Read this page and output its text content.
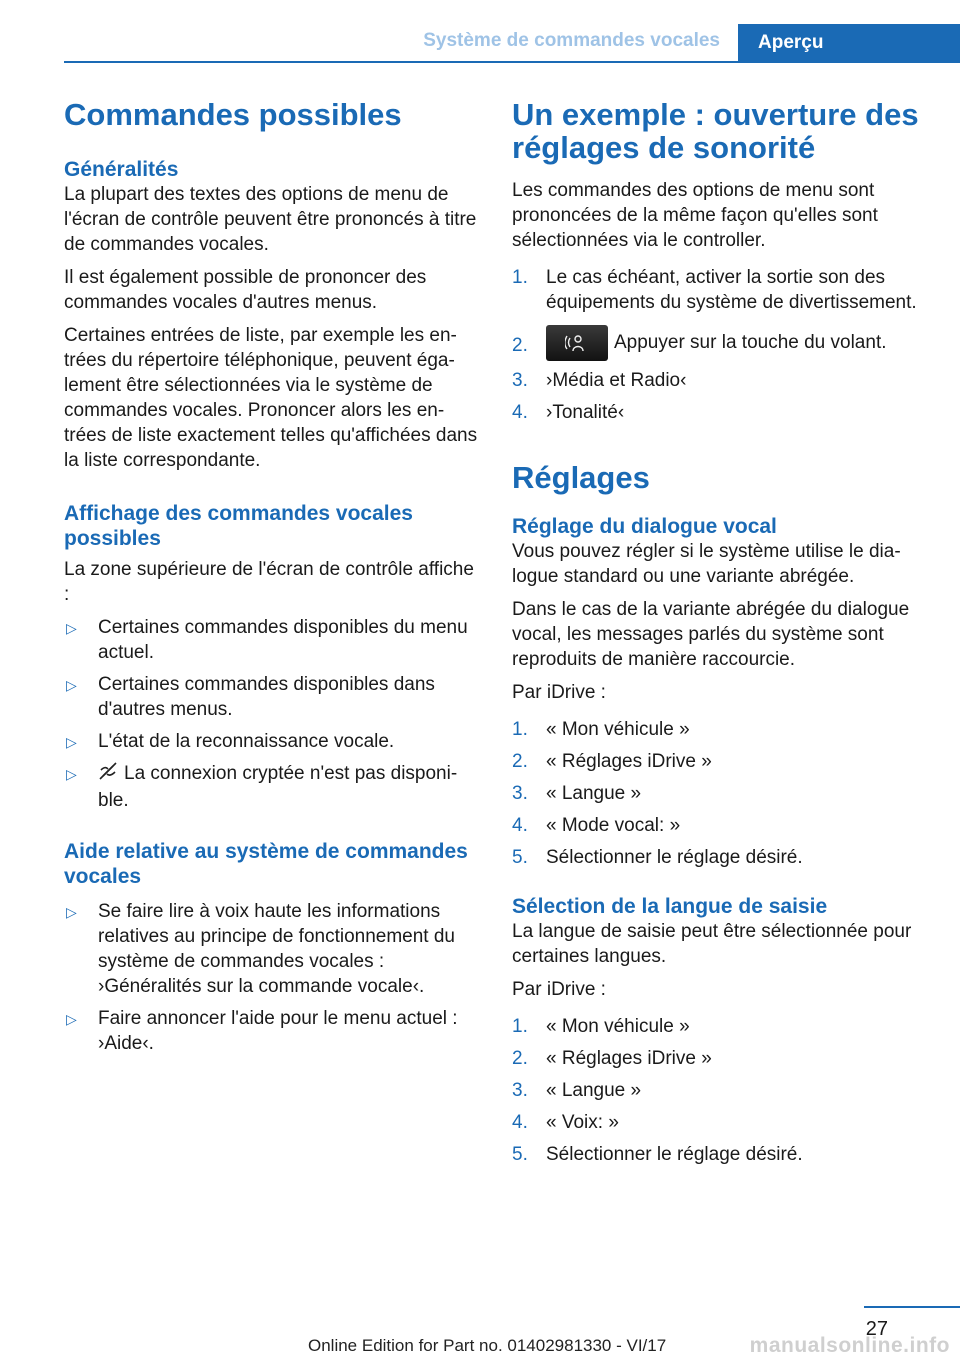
Système de commandes vocales	Aperçu
Commandes possibles
Généralités

La plupart des textes des options de menu de l'écran de contrôle peuvent être prononcés à titre de commandes vocales.

Il est également possible de prononcer des commandes vocales d'autres menus.

Certaines entrées de liste, par exemple les entrées du répertoire téléphonique, peuvent également être sélectionnées via le système de commandes vocales. Prononcer alors les entrées de liste exactement telles qu'affichées dans la liste correspondante.

Affichage des commandes vocales possibles

La zone supérieure de l'écran de contrôle affiche :

▷ Certaines commandes disponibles du menu actuel.
▷ Certaines commandes disponibles dans d'autres menus.
▷ L'état de la reconnaissance vocale.
▷ La connexion cryptée n'est pas disponible.
Aide relative au système de commandes vocales
▷ Se faire lire à voix haute les informations relatives au principe de fonctionnement du système de commandes vocales : ›Généralités sur la commande vocale‹.
▷ Faire annoncer l'aide pour le menu actuel : ›Aide‹.
Un exemple : ouverture des réglages de sonorité

Les commandes des options de menu sont prononcées de la même façon qu'elles sont sélectionnées via le controller.

1. Le cas échéant, activer la sortie son des équipements du système de divertissement.
2.	Appuyer sur la touche du volant.
3. ›Média et Radio‹
4. ›Tonalité‹
Réglages
Réglage du dialogue vocal

Vous pouvez régler si le système utilise le dialogue standard ou une variante abrégée.

Dans le cas de la variante abrégée du dialogue vocal, les messages parlés du système sont reproduits de manière raccourcie.

Par iDrive :

1. « Mon véhicule »
2. « Réglages iDrive »
3. « Langue »
4. « Mode vocal: »
5. Sélectionner le réglage désiré.
Sélection de la langue de saisie

La langue de saisie peut être sélectionnée pour certaines langues.

Par iDrive :

1. « Mon véhicule »
2. « Réglages iDrive »
3. « Langue »
4. « Voix: »
5. Sélectionner le réglage désiré.
27
Online Edition for Part no. 01402981330 - VI/17	manualsonline.info
